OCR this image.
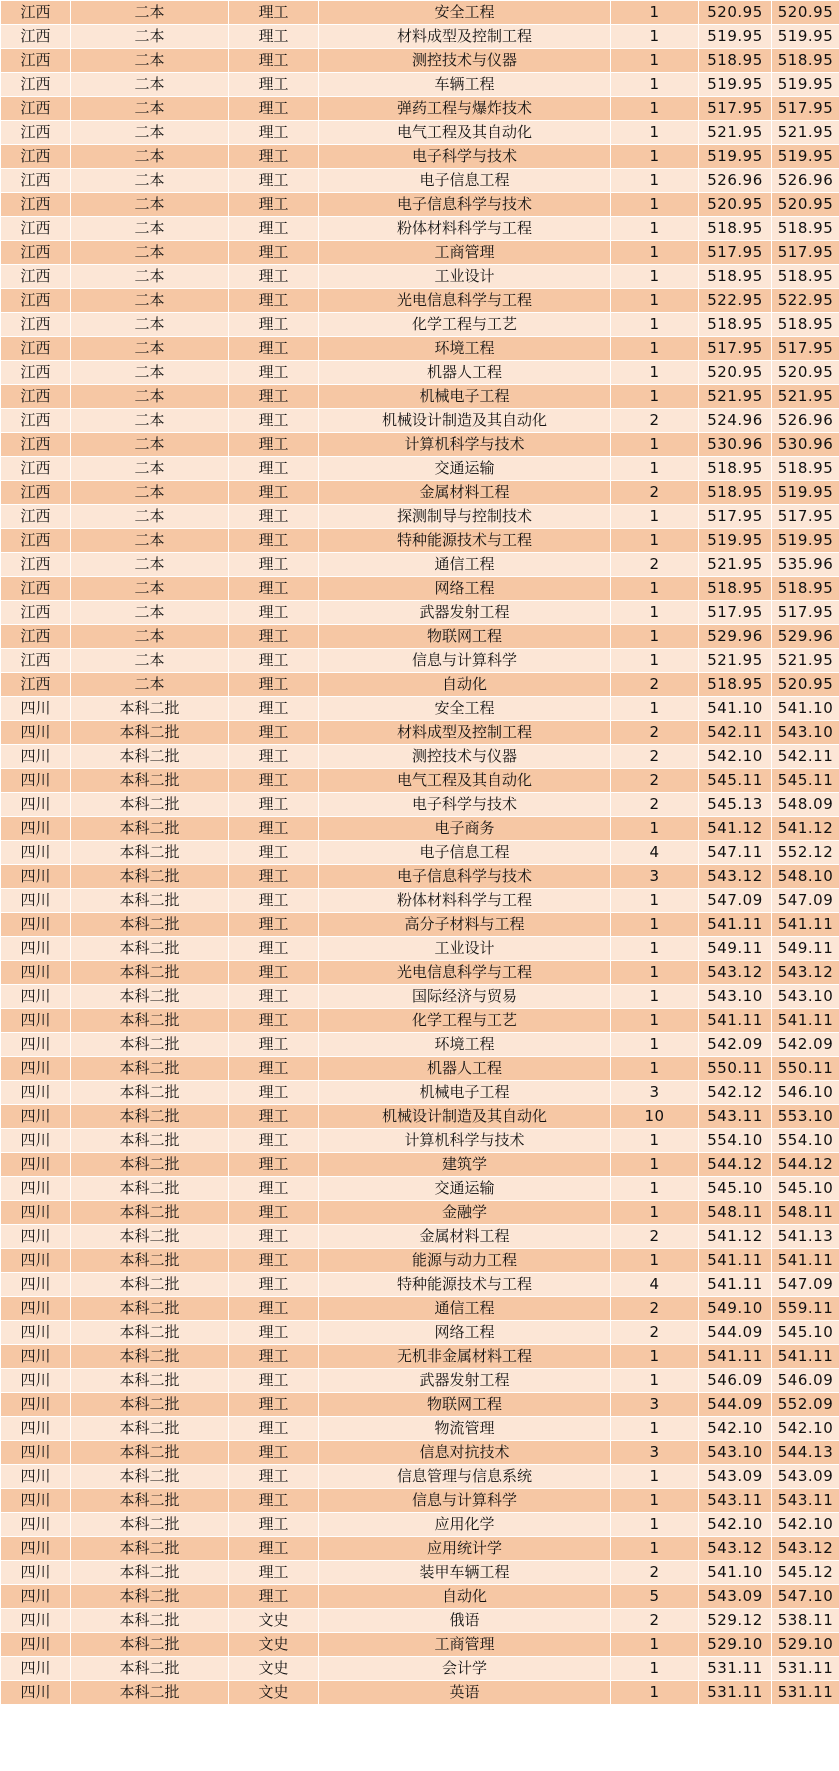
江西	二本	理工	安全工程	1	520.95	520.95
江西	二本	理工	材料成型及控制工程	1	519.95	519.95
江西	二本	理工	测控技术与仪器	1	518.95	518.95
江西	二本	理工	车辆工程	1	519.95	519.95
江西	二本	理工	弹药工程与爆炸技术	1	517.95	517.95
江西	二本	理工	电气工程及其自动化	1	521.95	521.95
江西	二本	理工	电子科学与技术	1	519.95	519.95
江西	二本	理工	电子信息工程	1	526.96	526.96
江西	二本	理工	电子信息科学与技术	1	520.95	520.95
江西	二本	理工	粉体材料科学与工程	1	518.95	518.95
江西	二本	理工	工商管理	1	517.95	517.95
江西	二本	理工	工业设计	1	518.95	518.95
江西	二本	理工	光电信息科学与工程	1	522.95	522.95
江西	二本	理工	化学工程与工艺	1	518.95	518.95
江西	二本	理工	环境工程	1	517.95	517.95
江西	二本	理工	机器人工程	1	520.95	520.95
江西	二本	理工	机械电子工程	1	521.95	521.95
江西	二本	理工	机械设计制造及其自动化	2	524.96	526.96
江西	二本	理工	计算机科学与技术	1	530.96	530.96
江西	二本	理工	交通运输	1	518.95	518.95
江西	二本	理工	金属材料工程	2	518.95	519.95
江西	二本	理工	探测制导与控制技术	1	517.95	517.95
江西	二本	理工	特种能源技术与工程	1	519.95	519.95
江西	二本	理工	通信工程	2	521.95	535.96
江西	二本	理工	网络工程	1	518.95	518.95
江西	二本	理工	武器发射工程	1	517.95	517.95
江西	二本	理工	物联网工程	1	529.96	529.96
江西	二本	理工	信息与计算科学	1	521.95	521.95
江西	二本	理工	自动化	2	518.95	520.95
四川	本科二批	理工	安全工程	1	541.10	541.10
四川	本科二批	理工	材料成型及控制工程	2	542.11	543.10
四川	本科二批	理工	测控技术与仪器	2	542.10	542.11
四川	本科二批	理工	电气工程及其自动化	2	545.11	545.11
四川	本科二批	理工	电子科学与技术	2	545.13	548.09
四川	本科二批	理工	电子商务	1	541.12	541.12
四川	本科二批	理工	电子信息工程	4	547.11	552.12
四川	本科二批	理工	电子信息科学与技术	3	543.12	548.10
四川	本科二批	理工	粉体材料科学与工程	1	547.09	547.09
四川	本科二批	理工	高分子材料与工程	1	541.11	541.11
四川	本科二批	理工	工业设计	1	549.11	549.11
四川	本科二批	理工	光电信息科学与工程	1	543.12	543.12
四川	本科二批	理工	国际经济与贸易	1	543.10	543.10
四川	本科二批	理工	化学工程与工艺	1	541.11	541.11
四川	本科二批	理工	环境工程	1	542.09	542.09
四川	本科二批	理工	机器人工程	1	550.11	550.11
四川	本科二批	理工	机械电子工程	3	542.12	546.10
四川	本科二批	理工	机械设计制造及其自动化	10	543.11	553.10
四川	本科二批	理工	计算机科学与技术	1	554.10	554.10
四川	本科二批	理工	建筑学	1	544.12	544.12
四川	本科二批	理工	交通运输	1	545.10	545.10
四川	本科二批	理工	金融学	1	548.11	548.11
四川	本科二批	理工	金属材料工程	2	541.12	541.13
四川	本科二批	理工	能源与动力工程	1	541.11	541.11
四川	本科二批	理工	特种能源技术与工程	4	541.11	547.09
四川	本科二批	理工	通信工程	2	549.10	559.11
四川	本科二批	理工	网络工程	2	544.09	545.10
四川	本科二批	理工	无机非金属材料工程	1	541.11	541.11
四川	本科二批	理工	武器发射工程	1	546.09	546.09
四川	本科二批	理工	物联网工程	3	544.09	552.09
四川	本科二批	理工	物流管理	1	542.10	542.10
四川	本科二批	理工	信息对抗技术	3	543.10	544.13
四川	本科二批	理工	信息管理与信息系统	1	543.09	543.09
四川	本科二批	理工	信息与计算科学	1	543.11	543.11
四川	本科二批	理工	应用化学	1	542.10	542.10
四川	本科二批	理工	应用统计学	1	543.12	543.12
四川	本科二批	理工	装甲车辆工程	2	541.10	545.12
四川	本科二批	理工	自动化	5	543.09	547.10
四川	本科二批	文史	俄语	2	529.12	538.11
四川	本科二批	文史	工商管理	1	529.10	529.10
四川	本科二批	文史	会计学	1	531.11	531.11
四川	本科二批	文史	英语	1	531.11	531.11
